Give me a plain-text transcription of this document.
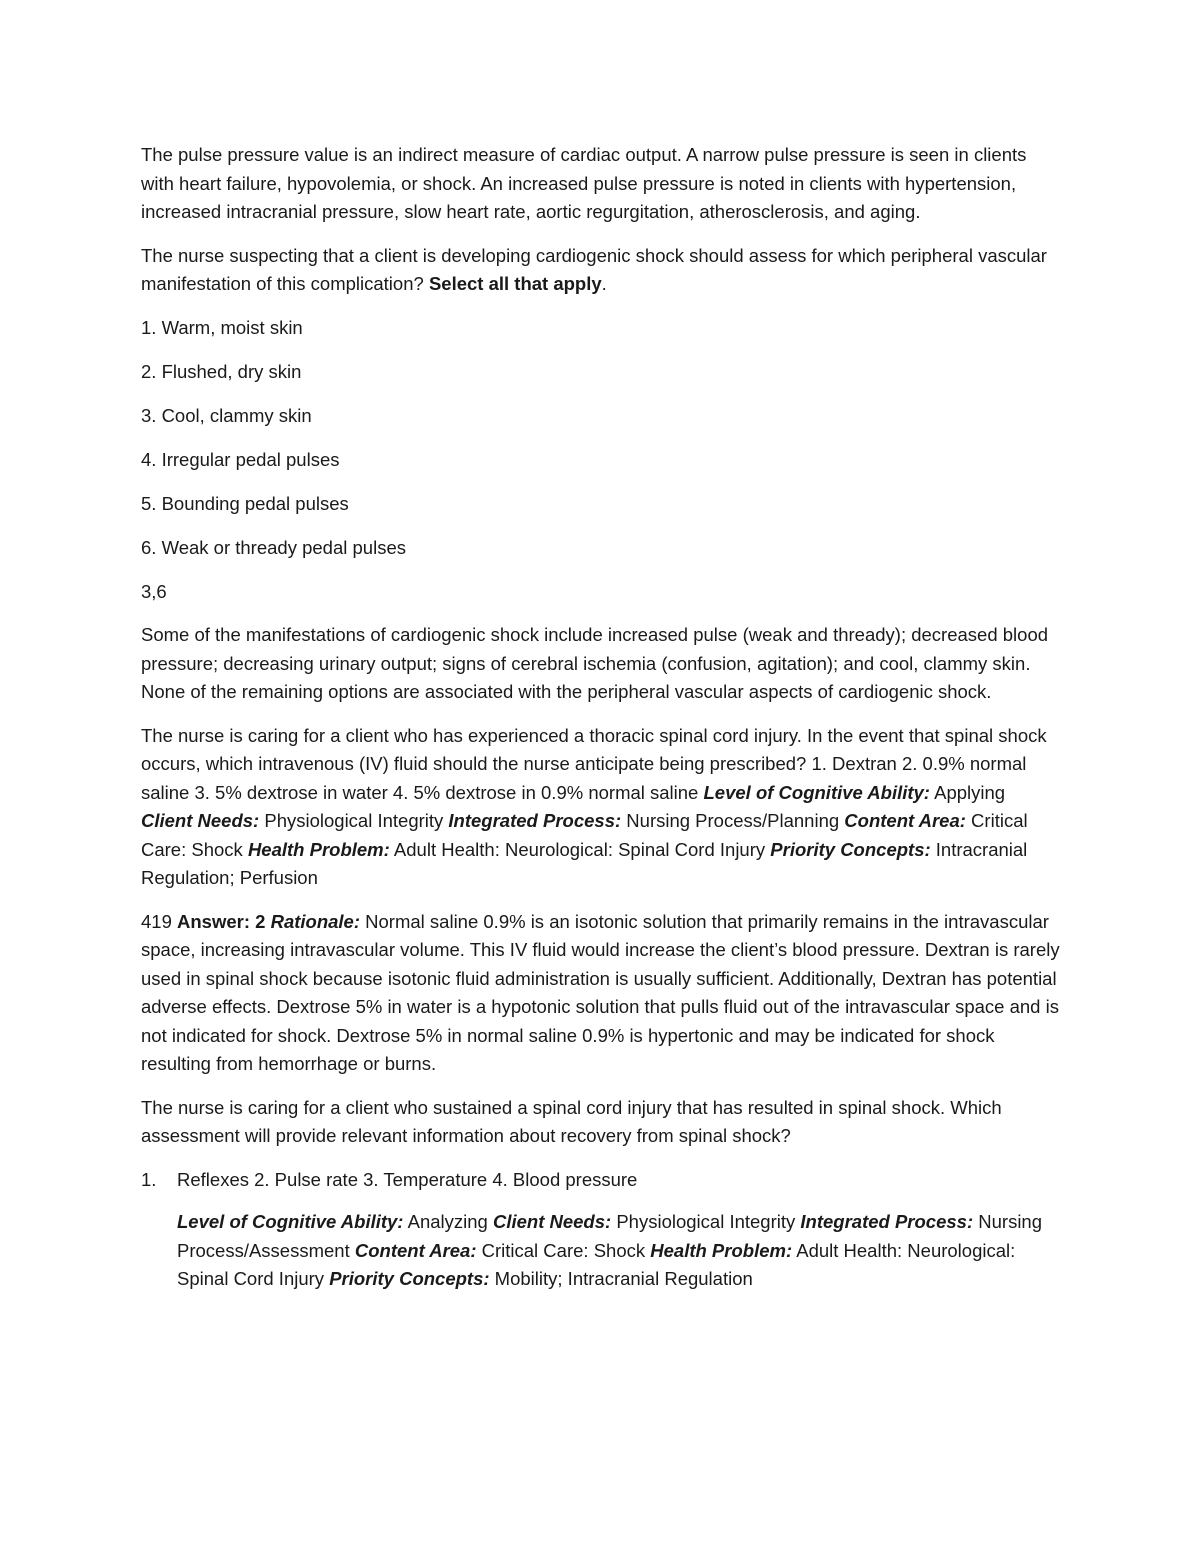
The pulse pressure value is an indirect measure of cardiac output. A narrow pulse pressure is seen in clients with heart failure, hypovolemia, or shock. An increased pulse pressure is noted in clients with hypertension, increased intracranial pressure, slow heart rate, aortic regurgitation, atherosclerosis, and aging.

The nurse suspecting that a client is developing cardiogenic shock should assess for which peripheral vascular manifestation of this complication? Select all that apply.

1. Warm, moist skin

2. Flushed, dry skin

3. Cool, clammy skin

4. Irregular pedal pulses

5. Bounding pedal pulses

6. Weak or thready pedal pulses

3,6

Some of the manifestations of cardiogenic shock include increased pulse (weak and thready); decreased blood pressure; decreasing urinary output; signs of cerebral ischemia (confusion, agitation); and cool, clammy skin. None of the remaining options are associated with the peripheral vascular aspects of cardiogenic shock.

The nurse is caring for a client who has experienced a thoracic spinal cord injury. In the event that spinal shock occurs, which intravenous (IV) fluid should the nurse anticipate being prescribed? 1. Dextran 2. 0.9% normal saline 3. 5% dextrose in water 4. 5% dextrose in 0.9% normal saline Level of Cognitive Ability: Applying Client Needs: Physiological Integrity Integrated Process: Nursing Process/Planning Content Area: Critical Care: Shock Health Problem: Adult Health: Neurological: Spinal Cord Injury Priority Concepts: Intracranial Regulation; Perfusion

419 Answer: 2 Rationale: Normal saline 0.9% is an isotonic solution that primarily remains in the intravascular space, increasing intravascular volume. This IV fluid would increase the client’s blood pressure. Dextran is rarely used in spinal shock because isotonic fluid administration is usually sufficient. Additionally, Dextran has potential adverse effects. Dextrose 5% in water is a hypotonic solution that pulls fluid out of the intravascular space and is not indicated for shock. Dextrose 5% in normal saline 0.9% is hypertonic and may be indicated for shock resulting from hemorrhage or burns.

The nurse is caring for a client who sustained a spinal cord injury that has resulted in spinal shock. Which assessment will provide relevant information about recovery from spinal shock?

1. Reflexes 2. Pulse rate 3. Temperature 4. Blood pressure

Level of Cognitive Ability: Analyzing Client Needs: Physiological Integrity Integrated Process: Nursing Process/Assessment Content Area: Critical Care: Shock Health Problem: Adult Health: Neurological: Spinal Cord Injury Priority Concepts: Mobility; Intracranial Regulation
